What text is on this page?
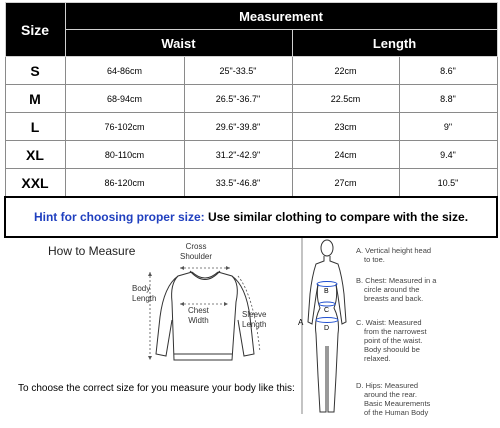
Size	Measurement			
	Waist		Length	
S	64-86cm	25"-33.5"	22cm	8.6"
M	68-94cm	26.5"-36.7"	22.5cm	8.8"
L	76-102cm	29.6"-39.8"	23cm	9"
XL	80-110cm	31.2"-42.9"	24cm	9.4"
XXL	86-120cm	33.5"-46.8"	27cm	10.5"
Hint for choosing proper size: Use similar clothing to compare with the size.				
How to Measure	Cross
Shoulder
Body
Length
Chest
Width
Sleeve
Length
B
C
D
A
A. Vertical height head
to toe.
B. Chest: Measured in a
circle around the
breasts and back.
C. Waist: Measured
from the narrowest
point of the waist.
Body shoould be
relaxed.
D. Hips: Measured
around the rear.
Basic Meaurements
of the Human Body
To choose the correct size for you measure your body like this:
